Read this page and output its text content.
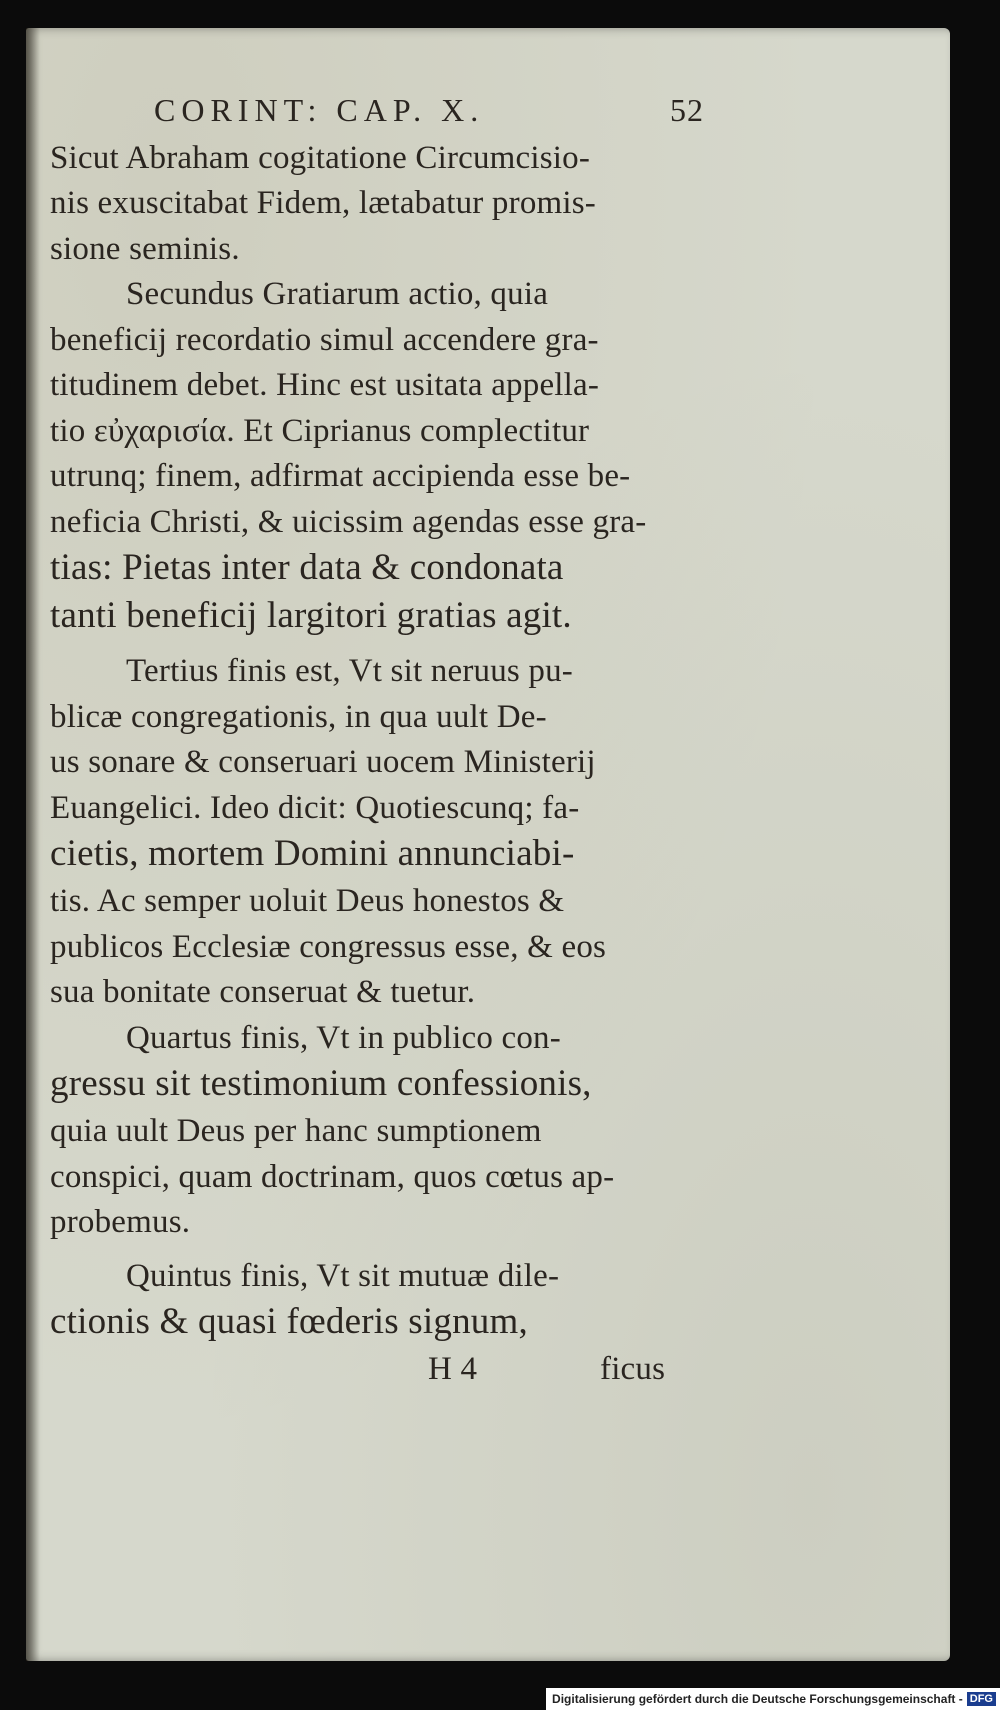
CORINT: CAP. X.	52
Sicut Abraham cogitatione Circumcisio-
nis exuscitabat Fidem, lætabatur promis-
sione seminis.
Secundus Gratiarum actio, quia
beneficij recordatio simul accendere gra-
titudinem debet. Hinc est usitata appella-
tio εὐχαρισία. Et Ciprianus complectitur
utrunq; finem, adfirmat accipienda esse be-
neficia Christi, & uicissim agendas esse gra-
tias: Pietas inter data & condonata
tanti beneficij largitori gratias agit.
Tertius finis est, Vt sit neruus pu-
blicæ congregationis, in qua uult De-
us sonare & conseruari uocem Ministerij
Euangelici. Ideo dicit: Quotiescunq; fa-
cietis, mortem Domini annunciabi-
tis. Ac semper uoluit Deus honestos &
publicos Ecclesiæ congressus esse, & eos
sua bonitate conseruat & tuetur.
Quartus finis, Vt in publico con-
gressu sit testimonium confessionis,
quia uult Deus per hanc sumptionem
conspici, quam doctrinam, quos cœtus ap-
probemus.
Quintus finis, Vt sit mutuæ dile-
ctionis & quasi fœderis signum,
H 4	ficus
Digitalisierung gefördert durch die Deutsche Forschungsgemeinschaft - DFG
